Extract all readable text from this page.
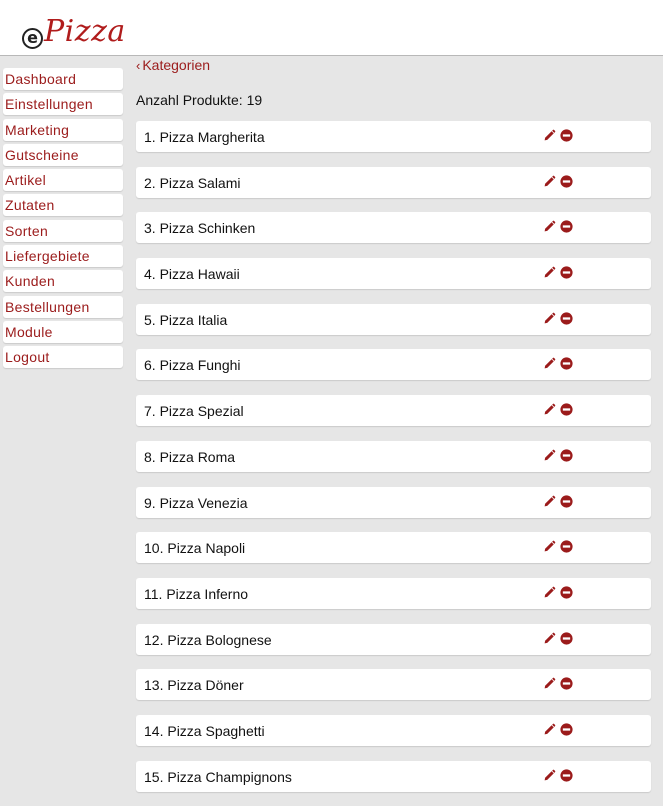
e Pizza
Dashboard
Einstellungen
Marketing
Gutscheine
Artikel
Zutaten
Sorten
Liefergebiete
Kunden
Bestellungen
Module
Logout
‹ Kategorien
Anzahl Produkte: 19
1. Pizza Margherita
2. Pizza Salami
3. Pizza Schinken
4. Pizza Hawaii
5. Pizza Italia
6. Pizza Funghi
7. Pizza Spezial
8. Pizza Roma
9. Pizza Venezia
10. Pizza Napoli
11. Pizza Inferno
12. Pizza Bolognese
13. Pizza Döner
14. Pizza Spaghetti
15. Pizza Champignons
